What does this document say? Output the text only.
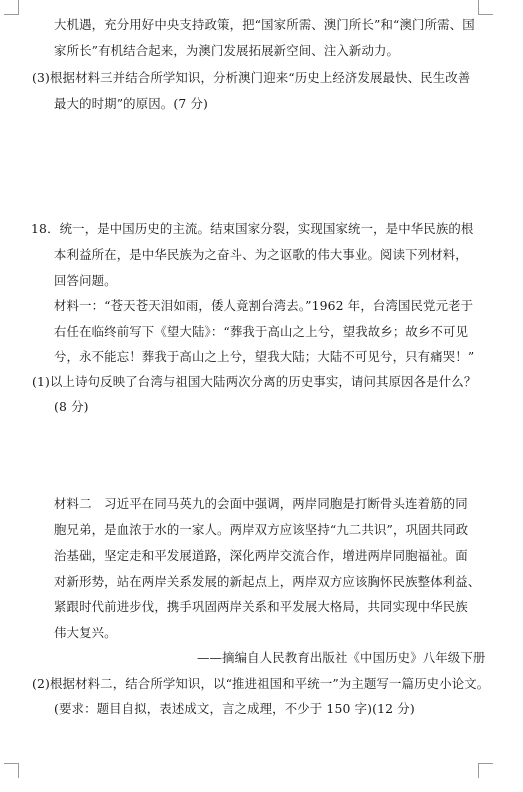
大机遇，充分用好中央支持政策，把“国家所需、澳门所长”和“澳门所需、国
家所长”有机结合起来，为澳门发展拓展新空间、注入新动力。
(3)根据材料三并结合所学知识，分析澳门迎来“历史上经济发展最快、民生改善
最大的时期”的原因。(7 分)
18．统一，是中国历史的主流。结束国家分裂，实现国家统一，是中华民族的根
本利益所在，是中华民族为之奋斗、为之讴歌的伟大事业。阅读下列材料，
回答问题。
材料一：“苍天苍天泪如雨，倭人竟割台湾去。”1962 年，台湾国民党元老于
右任在临终前写下《望大陆》：“葬我于高山之上兮，望我故乡；故乡不可见
兮，永不能忘！葬我于高山之上兮，望我大陆；大陆不可见兮，只有痛哭！”
(1)以上诗句反映了台湾与祖国大陆两次分离的历史事实，请问其原因各是什么？
(8 分)
材料二　习近平在同马英九的会面中强调，两岸同胞是打断骨头连着筋的同
胞兄弟，是血浓于水的一家人。两岸双方应该坚持“九二共识”，巩固共同政
治基础，坚定走和平发展道路，深化两岸交流合作，增进两岸同胞福祉。面
对新形势，站在两岸关系发展的新起点上，两岸双方应该胸怀民族整体利益、
紧跟时代前进步伐，携手巩固两岸关系和平发展大格局，共同实现中华民族
伟大复兴。
——摘编自人民教育出版社《中国历史》八年级下册
(2)根据材料二，结合所学知识，以“推进祖国和平统一”为主题写一篇历史小论文。
(要求：题目自拟，表述成文，言之成理，不少于 150 字)(12 分)
